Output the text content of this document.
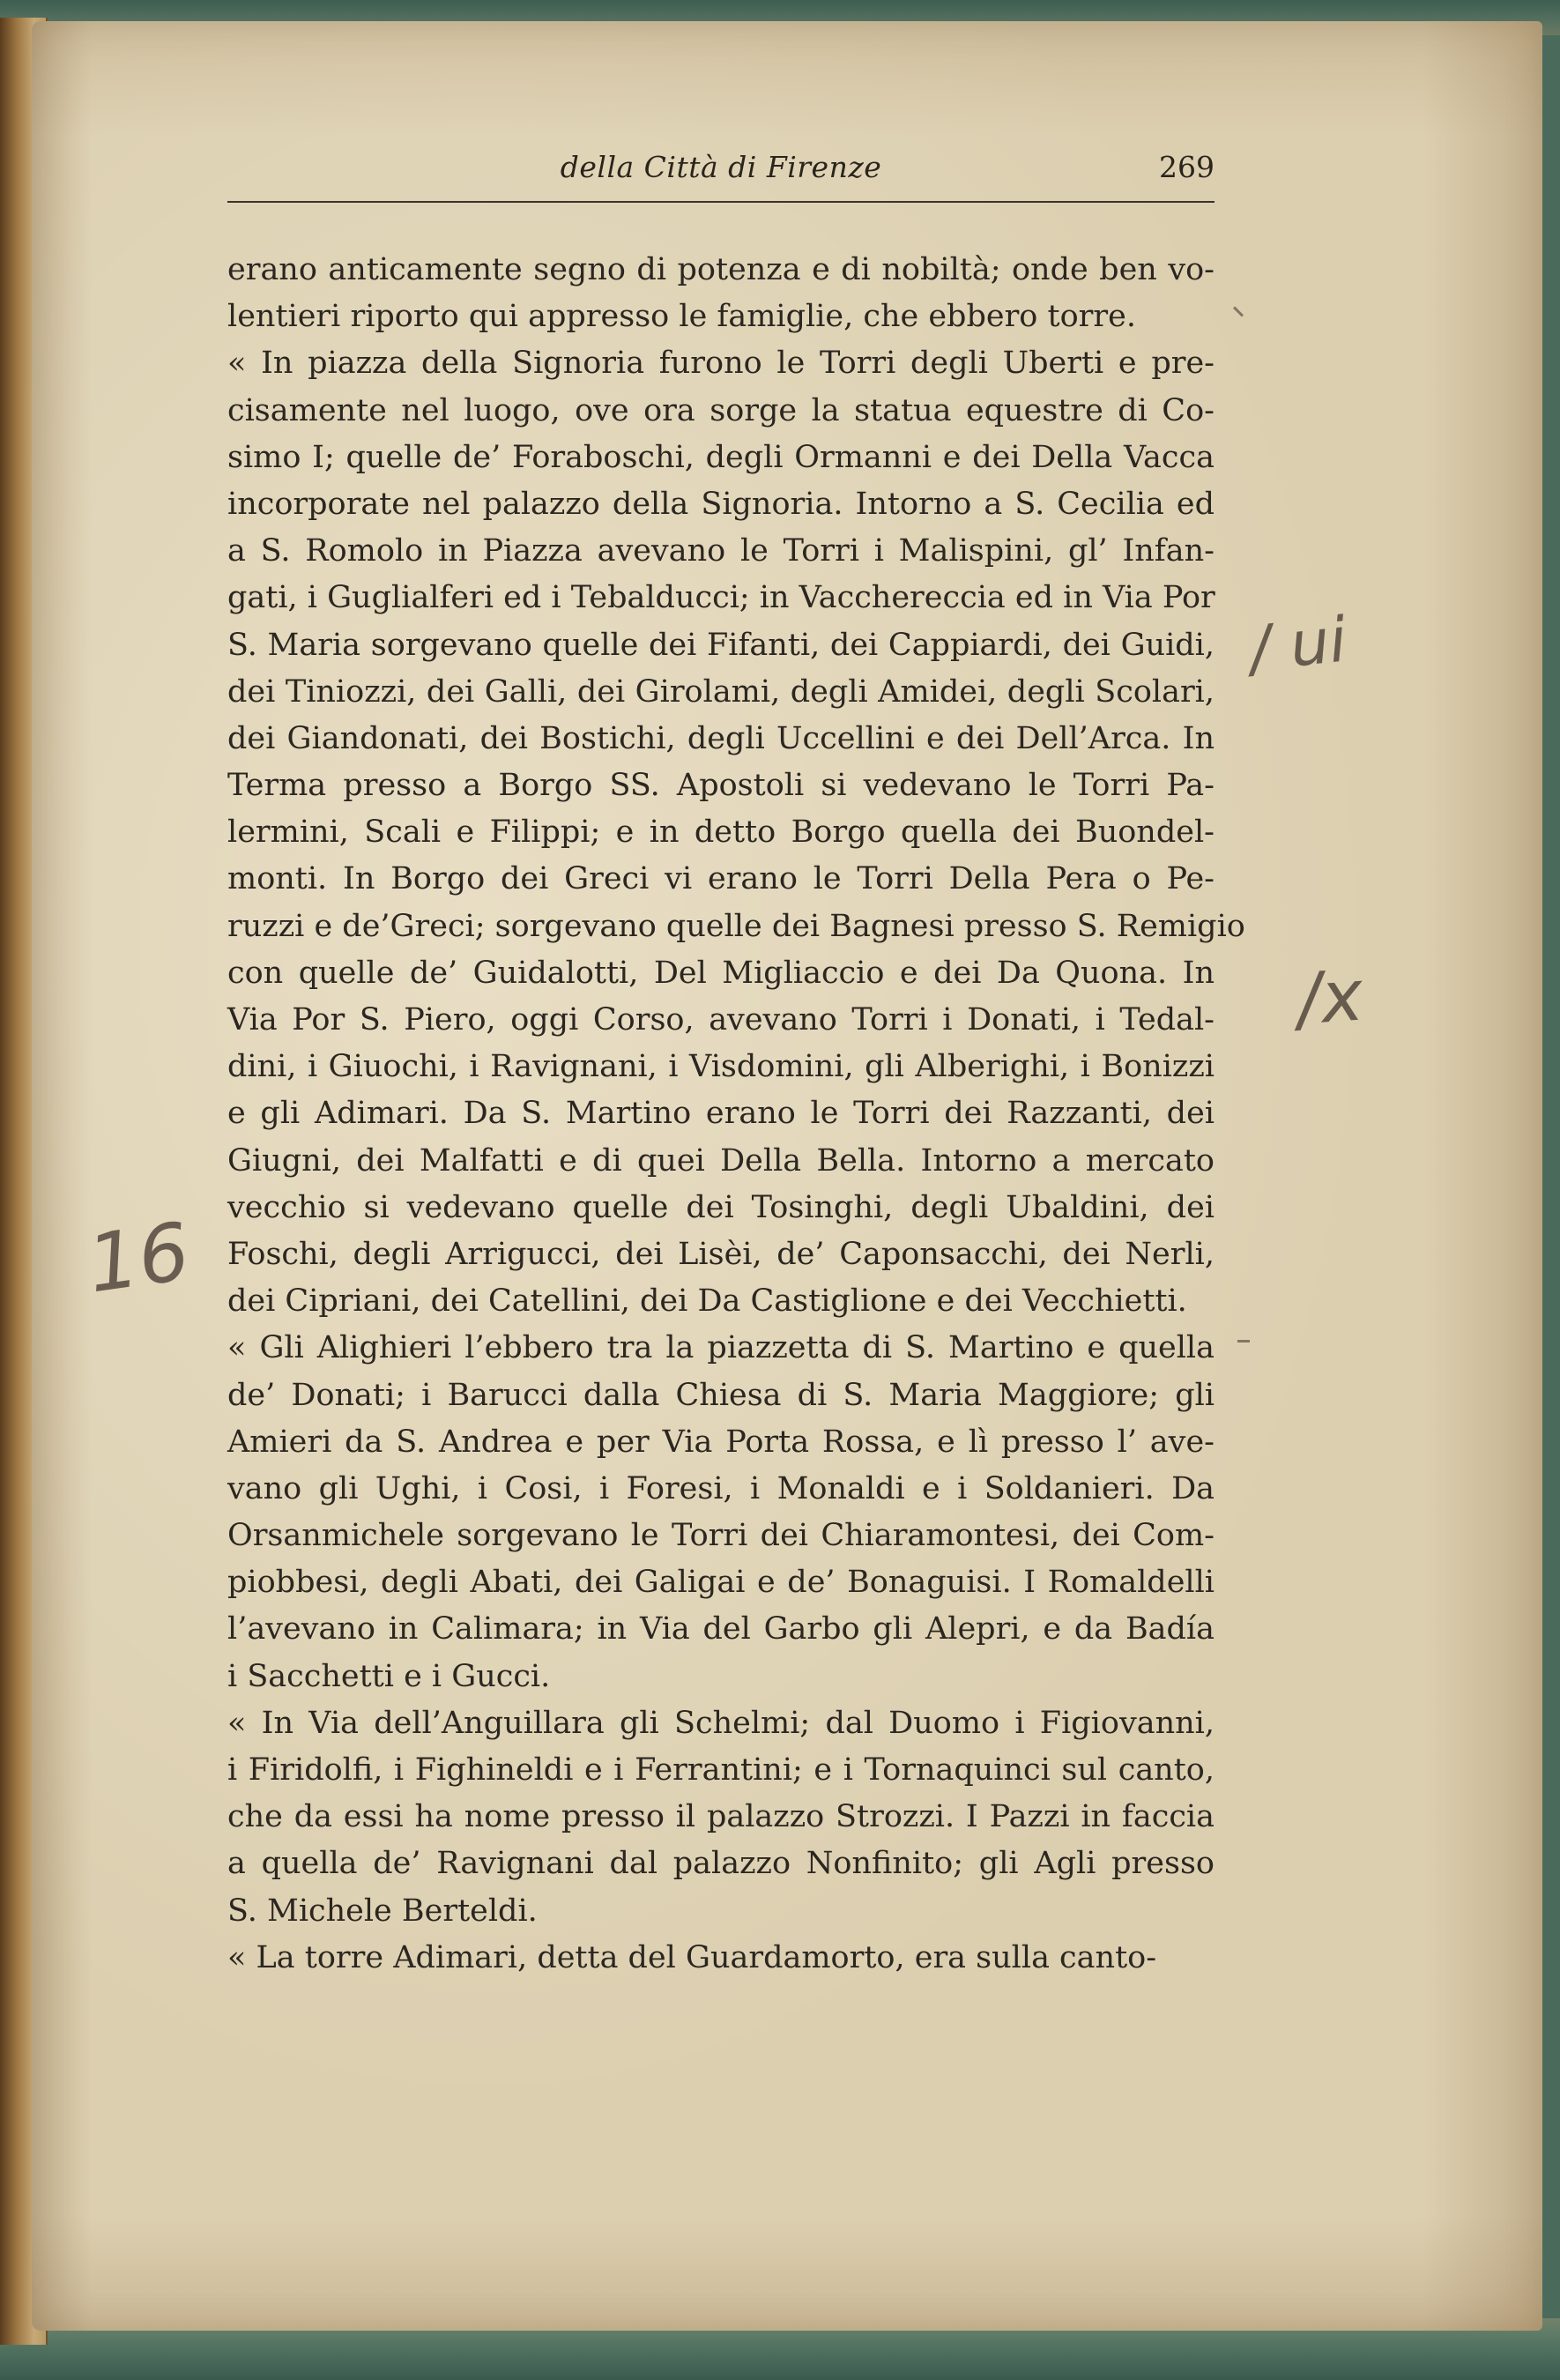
della Città di Firenze	269
erano anticamente segno di potenza e di nobiltà; onde ben vo-
lentieri riporto qui appresso le famiglie, che ebbero torre.
« In piazza della Signoria furono le Torri degli Uberti e pre-
cisamente nel luogo, ove ora sorge la statua equestre di Co-
simo I; quelle de’ Foraboschi, degli Ormanni e dei Della Vacca
incorporate nel palazzo della Signoria. Intorno a S. Cecilia ed
a S. Romolo in Piazza avevano le Torri i Malispini, gl’ Infan-
gati, i Guglialferi ed i Tebalducci; in Vacchereccia ed in Via Por
S. Maria sorgevano quelle dei Fifanti, dei Cappiardi, dei Guidi,
dei Tiniozzi, dei Galli, dei Girolami, degli Amidei, degli Scolari,
dei Giandonati, dei Bostichi, degli Uccellini e dei Dell’Arca. In
Terma presso a Borgo SS. Apostoli si vedevano le Torri Pa-
lermini, Scali e Filippi; e in detto Borgo quella dei Buondel-
monti. In Borgo dei Greci vi erano le Torri Della Pera o Pe-
ruzzi e de’Greci; sorgevano quelle dei Bagnesi presso S. Remigio
con quelle de’ Guidalotti, Del Migliaccio e dei Da Quona. In
Via Por S. Piero, oggi Corso, avevano Torri i Donati, i Tedal-
dini, i Giuochi, i Ravignani, i Visdomini, gli Alberighi, i Bonizzi
e gli Adimari. Da S. Martino erano le Torri dei Razzanti, dei
Giugni, dei Malfatti e di quei Della Bella. Intorno a mercato
vecchio si vedevano quelle dei Tosinghi, degli Ubaldini, dei
Foschi, degli Arrigucci, dei Lisèi, de’ Caponsacchi, dei Nerli,
dei Cipriani, dei Catellini, dei Da Castiglione e dei Vecchietti.
« Gli Alighieri l’ebbero tra la piazzetta di S. Martino e quella
de’ Donati; i Barucci dalla Chiesa di S. Maria Maggiore; gli
Amieri da S. Andrea e per Via Porta Rossa, e lì presso l’ ave-
vano gli Ughi, i Cosi, i Foresi, i Monaldi e i Soldanieri. Da
Orsanmichele sorgevano le Torri dei Chiaramontesi, dei Com-
piobbesi, degli Abati, dei Galigai e de’ Bonaguisi. I Romaldelli
l’avevano in Calimara; in Via del Garbo gli Alepri, e da Badía
i Sacchetti e i Gucci.
« In Via dell’Anguillara gli Schelmi; dal Duomo i Figiovanni,
i Firidolfi, i Fighineldi e i Ferrantini; e i Tornaquinci sul canto,
che da essi ha nome presso il palazzo Strozzi. I Pazzi in faccia
a quella de’ Ravignani dal palazzo Nonfinito; gli Agli presso
S. Michele Berteldi.
« La torre Adimari, detta del Guardamorto, era sulla canto-
/ ui
/x
16
